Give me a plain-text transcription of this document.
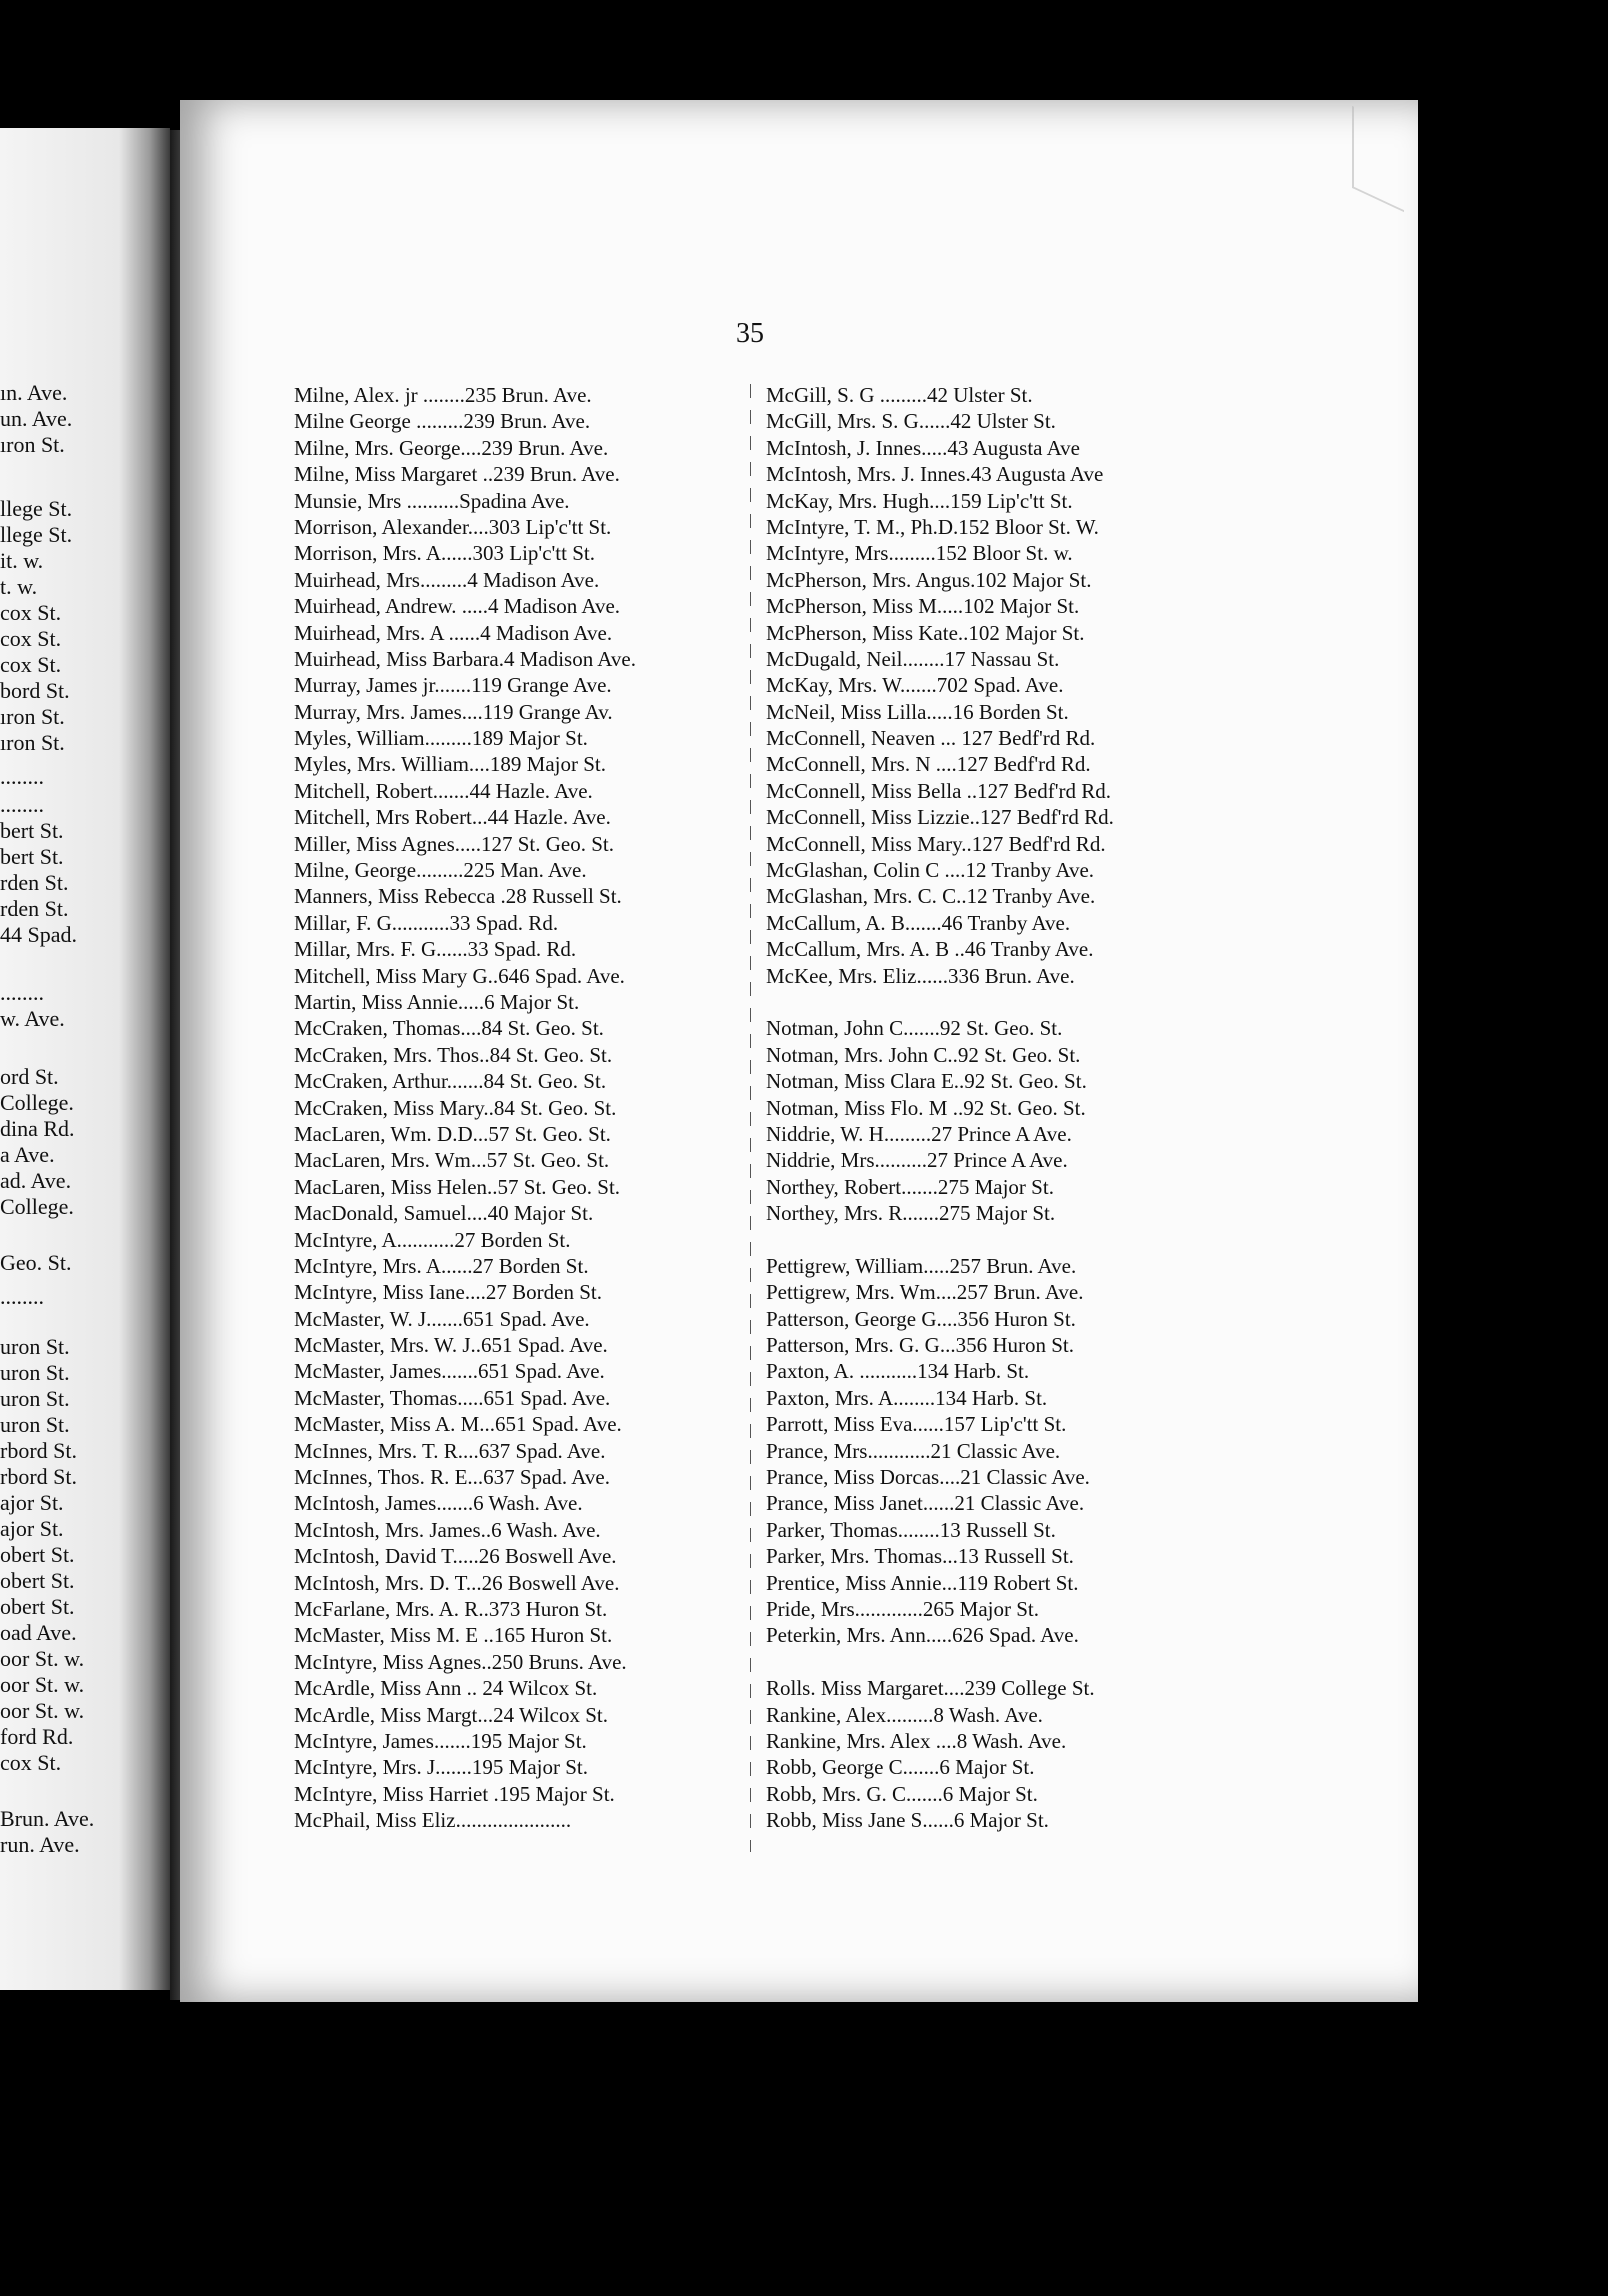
ın. Ave.
un. Ave.
ıron St.
llege St.
llege St.
it. w.
t. w.
cox St.
cox St.
cox St.
bord St.
ıron St.
ıron St.
........
........
bert St.
bert St.
rden St.
rden St.
44 Spad.
........
w. Ave.
ord St.
College.
dina Rd.
a Ave.
ad. Ave.
College.
Geo. St.
........
uron St.
uron St.
uron St.
uron St.
rbord St.
rbord St.
ajor St.
ajor St.
obert St.
obert St.
obert St.
oad Ave.
oor St. w.
oor St. w.
oor St. w.
ford Rd.
cox St.
Brun. Ave.
run. Ave.
35
Milne, Alex. jr ........235 Brun. Ave.
Milne George .........239 Brun. Ave.
Milne, Mrs. George....239 Brun. Ave.
Milne, Miss Margaret ..239 Brun. Ave.
Munsie, Mrs ..........Spadina Ave.
Morrison, Alexander....303 Lip'c'tt St.
Morrison, Mrs. A......303 Lip'c'tt St.
Muirhead, Mrs.........4 Madison Ave.
Muirhead, Andrew. .....4 Madison Ave.
Muirhead, Mrs. A ......4 Madison Ave.
Muirhead, Miss Barbara.4 Madison Ave.
Murray, James jr.......119 Grange Ave.
Murray, Mrs. James....119 Grange Av.
Myles, William.........189 Major St.
Myles, Mrs. William....189 Major St.
Mitchell, Robert.......44 Hazle. Ave.
Mitchell, Mrs Robert...44 Hazle. Ave.
Miller, Miss Agnes.....127 St. Geo. St.
Milne, George.........225 Man. Ave.
Manners, Miss Rebecca .28 Russell St.
Millar, F. G...........33 Spad. Rd.
Millar, Mrs. F. G......33 Spad. Rd.
Mitchell, Miss Mary G..646 Spad. Ave.
Martin, Miss Annie.....6 Major St.
McCraken, Thomas....84 St. Geo. St.
McCraken, Mrs. Thos..84 St. Geo. St.
McCraken, Arthur.......84 St. Geo. St.
McCraken, Miss Mary..84 St. Geo. St.
MacLaren, Wm. D.D...57 St. Geo. St.
MacLaren, Mrs. Wm...57 St. Geo. St.
MacLaren, Miss Helen..57 St. Geo. St.
MacDonald, Samuel....40 Major St.
McIntyre, A...........27 Borden St.
McIntyre, Mrs. A......27 Borden St.
McIntyre, Miss Iane....27 Borden St.
McMaster, W. J.......651 Spad. Ave.
McMaster, Mrs. W. J..651 Spad. Ave.
McMaster, James.......651 Spad. Ave.
McMaster, Thomas.....651 Spad. Ave.
McMaster, Miss A. M...651 Spad. Ave.
McInnes, Mrs. T. R....637 Spad. Ave.
McInnes, Thos. R. E...637 Spad. Ave.
McIntosh, James.......6 Wash. Ave.
McIntosh, Mrs. James..6 Wash. Ave.
McIntosh, David T.....26 Boswell Ave.
McIntosh, Mrs. D. T...26 Boswell Ave.
McFarlane, Mrs. A. R..373 Huron St.
McMaster, Miss M. E ..165 Huron St.
McIntyre, Miss Agnes..250 Bruns. Ave.
McArdle, Miss Ann .. 24 Wilcox St.
McArdle, Miss Margt...24 Wilcox St.
McIntyre, James.......195 Major St.
McIntyre, Mrs. J.......195 Major St.
McIntyre, Miss Harriet .195 Major St.
McPhail, Miss Eliz......................
McGill, S. G .........42 Ulster St.
McGill, Mrs. S. G......42 Ulster St.
McIntosh, J. Innes.....43 Augusta Ave
McIntosh, Mrs. J. Innes.43 Augusta Ave
McKay, Mrs. Hugh....159 Lip'c'tt St.
McIntyre, T. M., Ph.D.152 Bloor St. W.
McIntyre, Mrs.........152 Bloor St. w.
McPherson, Mrs. Angus.102 Major St.
McPherson, Miss M.....102 Major St.
McPherson, Miss Kate..102 Major St.
McDugald, Neil........17 Nassau St.
McKay, Mrs. W.......702 Spad. Ave.
McNeil, Miss Lilla.....16 Borden St.
McConnell, Neaven ... 127 Bedf'rd Rd.
McConnell, Mrs. N ....127 Bedf'rd Rd.
McConnell, Miss Bella ..127 Bedf'rd Rd.
McConnell, Miss Lizzie..127 Bedf'rd Rd.
McConnell, Miss Mary..127 Bedf'rd Rd.
McGlashan, Colin C ....12 Tranby Ave.
McGlashan, Mrs. C. C..12 Tranby Ave.
McCallum, A. B.......46 Tranby Ave.
McCallum, Mrs. A. B ..46 Tranby Ave.
McKee, Mrs. Eliz......336 Brun. Ave.
Notman, John C.......92 St. Geo. St.
Notman, Mrs. John C..92 St. Geo. St.
Notman, Miss Clara E..92 St. Geo. St.
Notman, Miss Flo. M ..92 St. Geo. St.
Niddrie, W. H.........27 Prince A Ave.
Niddrie, Mrs..........27 Prince A Ave.
Northey, Robert.......275 Major St.
Northey, Mrs. R.......275 Major St.
Pettigrew, William.....257 Brun. Ave.
Pettigrew, Mrs. Wm....257 Brun. Ave.
Patterson, George G....356 Huron St.
Patterson, Mrs. G. G...356 Huron St.
Paxton, A. ...........134 Harb. St.
Paxton, Mrs. A........134 Harb. St.
Parrott, Miss Eva......157 Lip'c'tt St.
Prance, Mrs............21 Classic Ave.
Prance, Miss Dorcas....21 Classic Ave.
Prance, Miss Janet......21 Classic Ave.
Parker, Thomas........13 Russell St.
Parker, Mrs. Thomas...13 Russell St.
Prentice, Miss Annie...119 Robert St.
Pride, Mrs.............265 Major St.
Peterkin, Mrs. Ann.....626 Spad. Ave.
Rolls. Miss Margaret....239 College St.
Rankine, Alex.........8 Wash. Ave.
Rankine, Mrs. Alex ....8 Wash. Ave.
Robb, George C.......6 Major St.
Robb, Mrs. G. C.......6 Major St.
Robb, Miss Jane S......6 Major St.
